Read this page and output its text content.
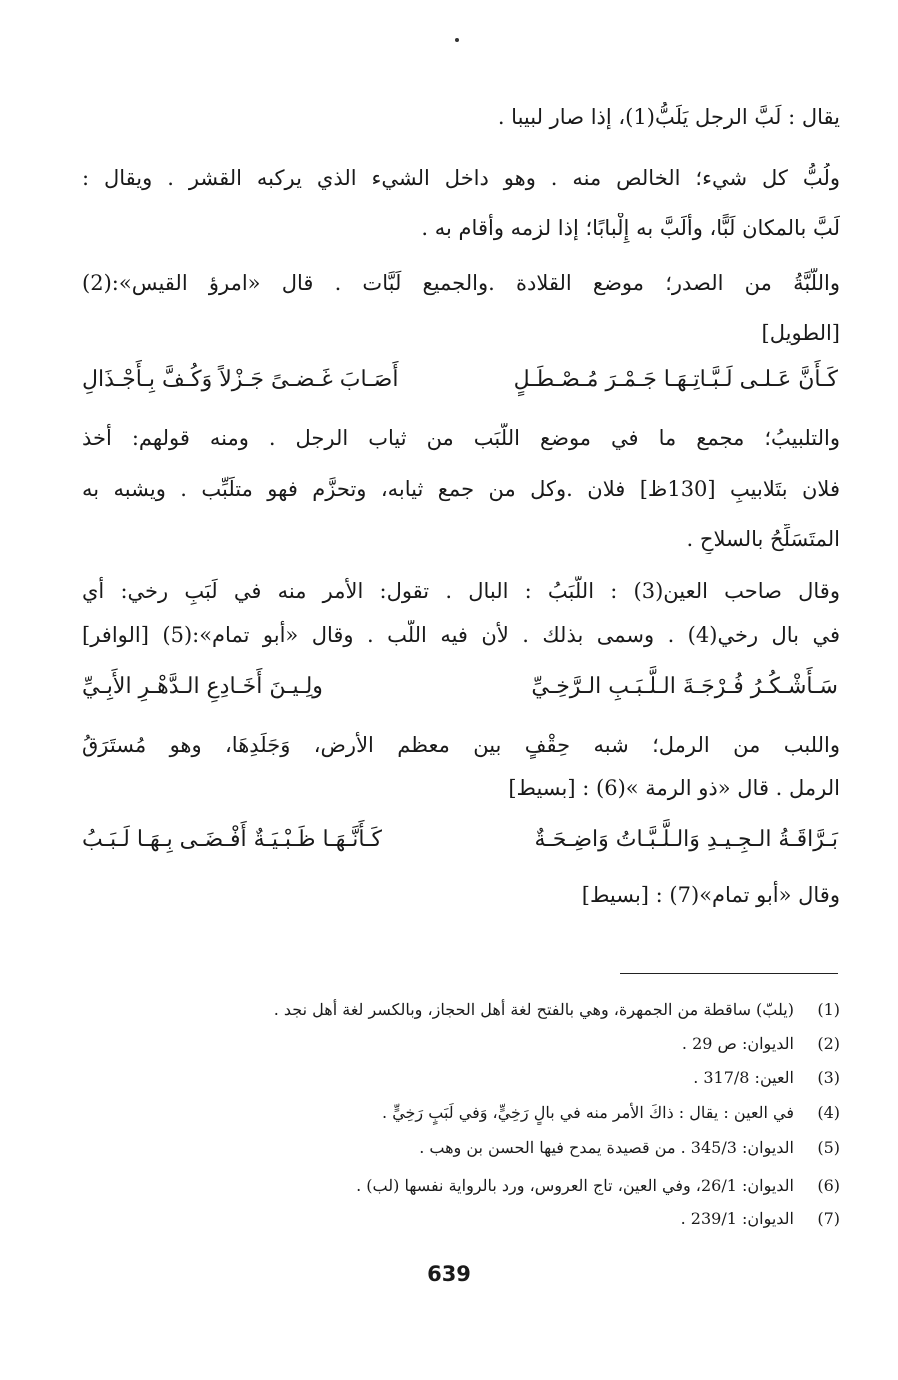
يقال : لَبَّ الرجل يَلَبُّ(1)، إذا صار لبيبا .
ولُبُّ كل شيء؛ الخالص منه . وهو داخل الشيء الذي يركبه القشر . ويقال :
لَبَّ بالمكان لَبًّا، وألَبَّ به إِلْبابًا؛ إذا لزمه وأقام به .
واللَّبَّةُ من الصدر؛ موضع القلادة .والجميع لَبَّات . قال «امرؤ القيس»:(2)
[الطويل]
كَـأَنَّ عَـلـى لَـبَّـاتِـهَـا جَـمْـرَ مُـصْـطَـلٍ
أَصَـابَ غَـضـىً جَـزْلاً وَكُـفَّ بِـأَجْـذَالِ
والتلبيبُ؛ مجمع ما في موضع اللَّبَب من ثياب الرجل . ومنه قولهم: أخذ
فلان بتَلابيبِ [130ظ] فلان .وكل من جمع ثيابه، وتحزَّم فهو متلَبِّب . ويشبه به
المتَسَلِّحُ بالسلاحِ .
وقال صاحب العين(3) : اللَّبَبُ : البال . تقول: الأمر منه في لَبَبِ رخي: أي
في بال رخي(4) . وسمى بذلك . لأن فيه اللُّب . وقال «أبو تمام»:(5) [الوافر]
سَـأَشْـكُـرُ فُـرْجَـةَ الـلَّـبَـبِ الـرَّخِـيِّ
ولِـيـنَ أَخَـادِعِ الـدَّهْـرِ الأَبِـيِّ
واللبب من الرمل؛ شبه حِقْفٍ بين معظم الأرض، وَجَلَدِهَا، وهو مُستَرَقُ
الرمل . قال «ذو الرمة »(6) : [بسيط]
بَـرَّاقَـةُ الـجِـيـدِ وَالـلَّـبَّـاتُ وَاضِـحَـةٌ
كَـأَنَّـهَـا ظَـبْـيَـةٌ أَفْـضَـى بِـهَـا لَـبَـبُ
وقال «أبو تمام»(7) : [بسيط]
(1)
(يلبّ) ساقطة من الجمهرة، وهي بالفتح لغة أهل الحجاز، وبالكسر لغة أهل نجد .
(2)
الديوان: ص 29 .
(3)
العين: 317/8 .
(4)
في العين : يقال : ذاكَ الأمر منه في بالٍ رَخِيٍّ، وَفي لَبَبٍ رَخِيٍّ .
(5)
الديوان: 345/3 . من قصيدة يمدح فيها الحسن بن وهب .
(6)
الديوان: 26/1، وفي العين، تاج العروس، ورد بالرواية نفسها (لب) .
(7)
الديوان: 239/1 .
639
